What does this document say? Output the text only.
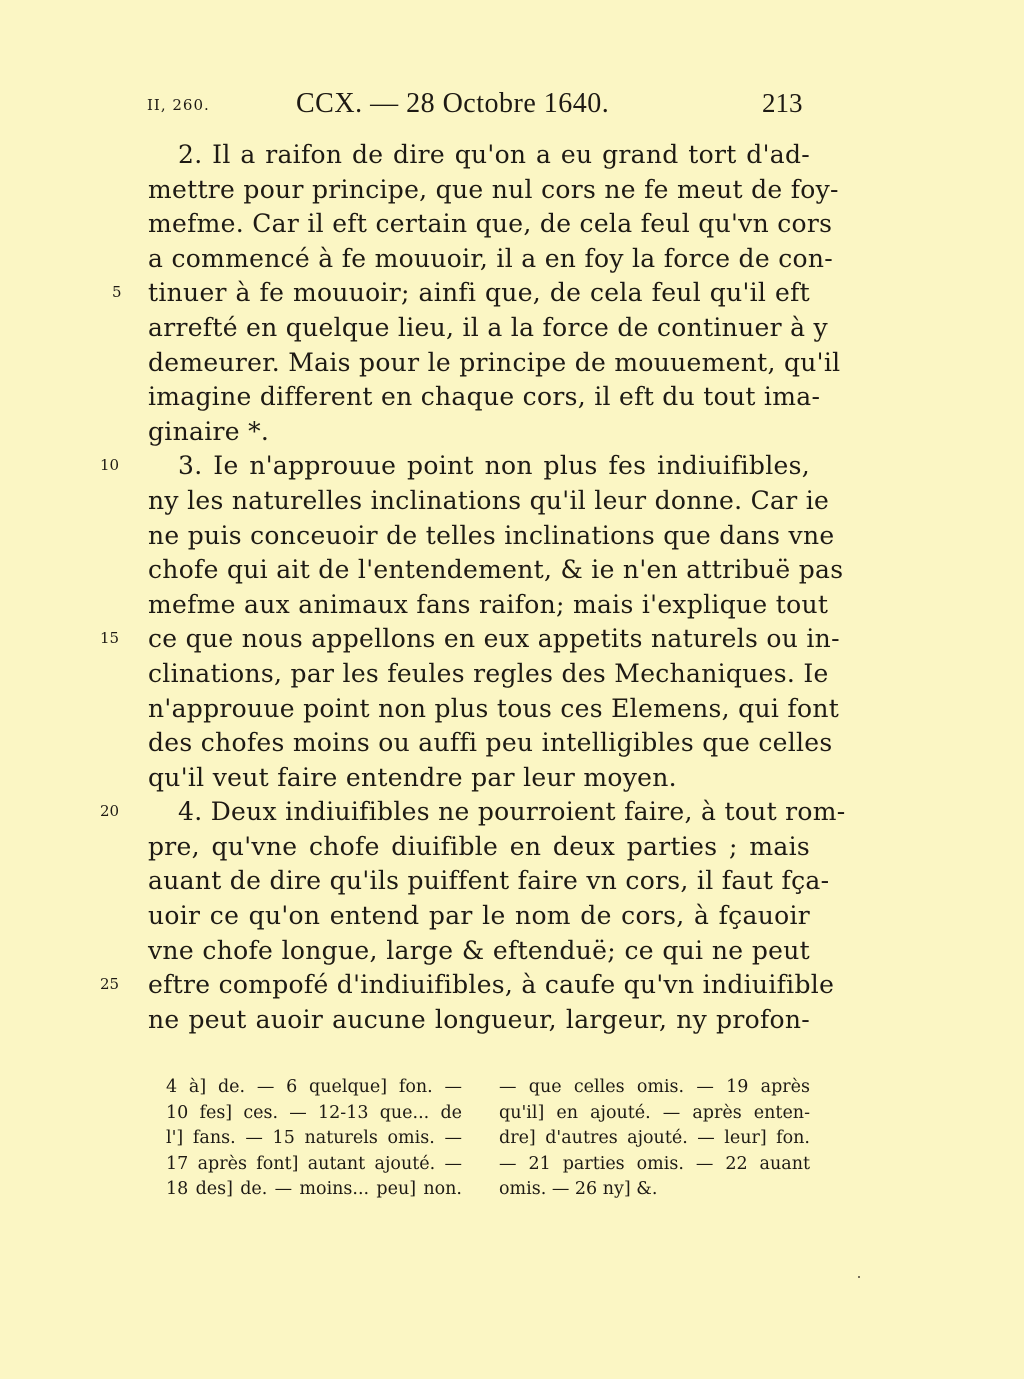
II, 260.	CCX. — 28 Octobre 1640.	213
5
10
15
20
25
2. Il a raifon de dire qu'on a eu grand tort d'ad-
mettre pour principe, que nul cors ne fe meut de foy-
mefme. Car il eft certain que, de cela feul qu'vn cors
a commencé à fe mouuoir, il a en foy la force de con-
tinuer à fe mouuoir; ainfi que, de cela feul qu'il eft
arrefté en quelque lieu, il a la force de continuer à y
demeurer. Mais pour le principe de mouuement, qu'il
imagine different en chaque cors, il eft du tout ima-
ginaire *.
3. Ie n'approuue point non plus fes indiuifibles,
ny les naturelles inclinations qu'il leur donne. Car ie
ne puis conceuoir de telles inclinations que dans vne
chofe qui ait de l'entendement, & ie n'en attribuë pas
mefme aux animaux fans raifon; mais i'explique tout
ce que nous appellons en eux appetits naturels ou in-
clinations, par les feules regles des Mechaniques. Ie
n'approuue point non plus tous ces Elemens, qui font
des chofes moins ou auffi peu intelligibles que celles
qu'il veut faire entendre par leur moyen.
4. Deux indiuifibles ne pourroient faire, à tout rom-
pre, qu'vne chofe diuifible en deux parties ; mais
auant de dire qu'ils puiffent faire vn cors, il faut fça-
uoir ce qu'on entend par le nom de cors, à fçauoir
vne chofe longue, large & eftenduë; ce qui ne peut
eftre compofé d'indiuifibles, à caufe qu'vn indiuifible
ne peut auoir aucune longueur, largeur, ny profon-
4 à] de. — 6 quelque] fon. —
10 fes] ces. — 12-13 que... de
l'] fans. — 15 naturels omis. —
17 après font] autant ajouté. —
18 des] de. — moins... peu] non.
— que celles omis. — 19 après
qu'il] en ajouté. — après enten-
dre] d'autres ajouté. — leur] fon.
— 21 parties omis. — 22 auant
omis. — 26 ny] &.
